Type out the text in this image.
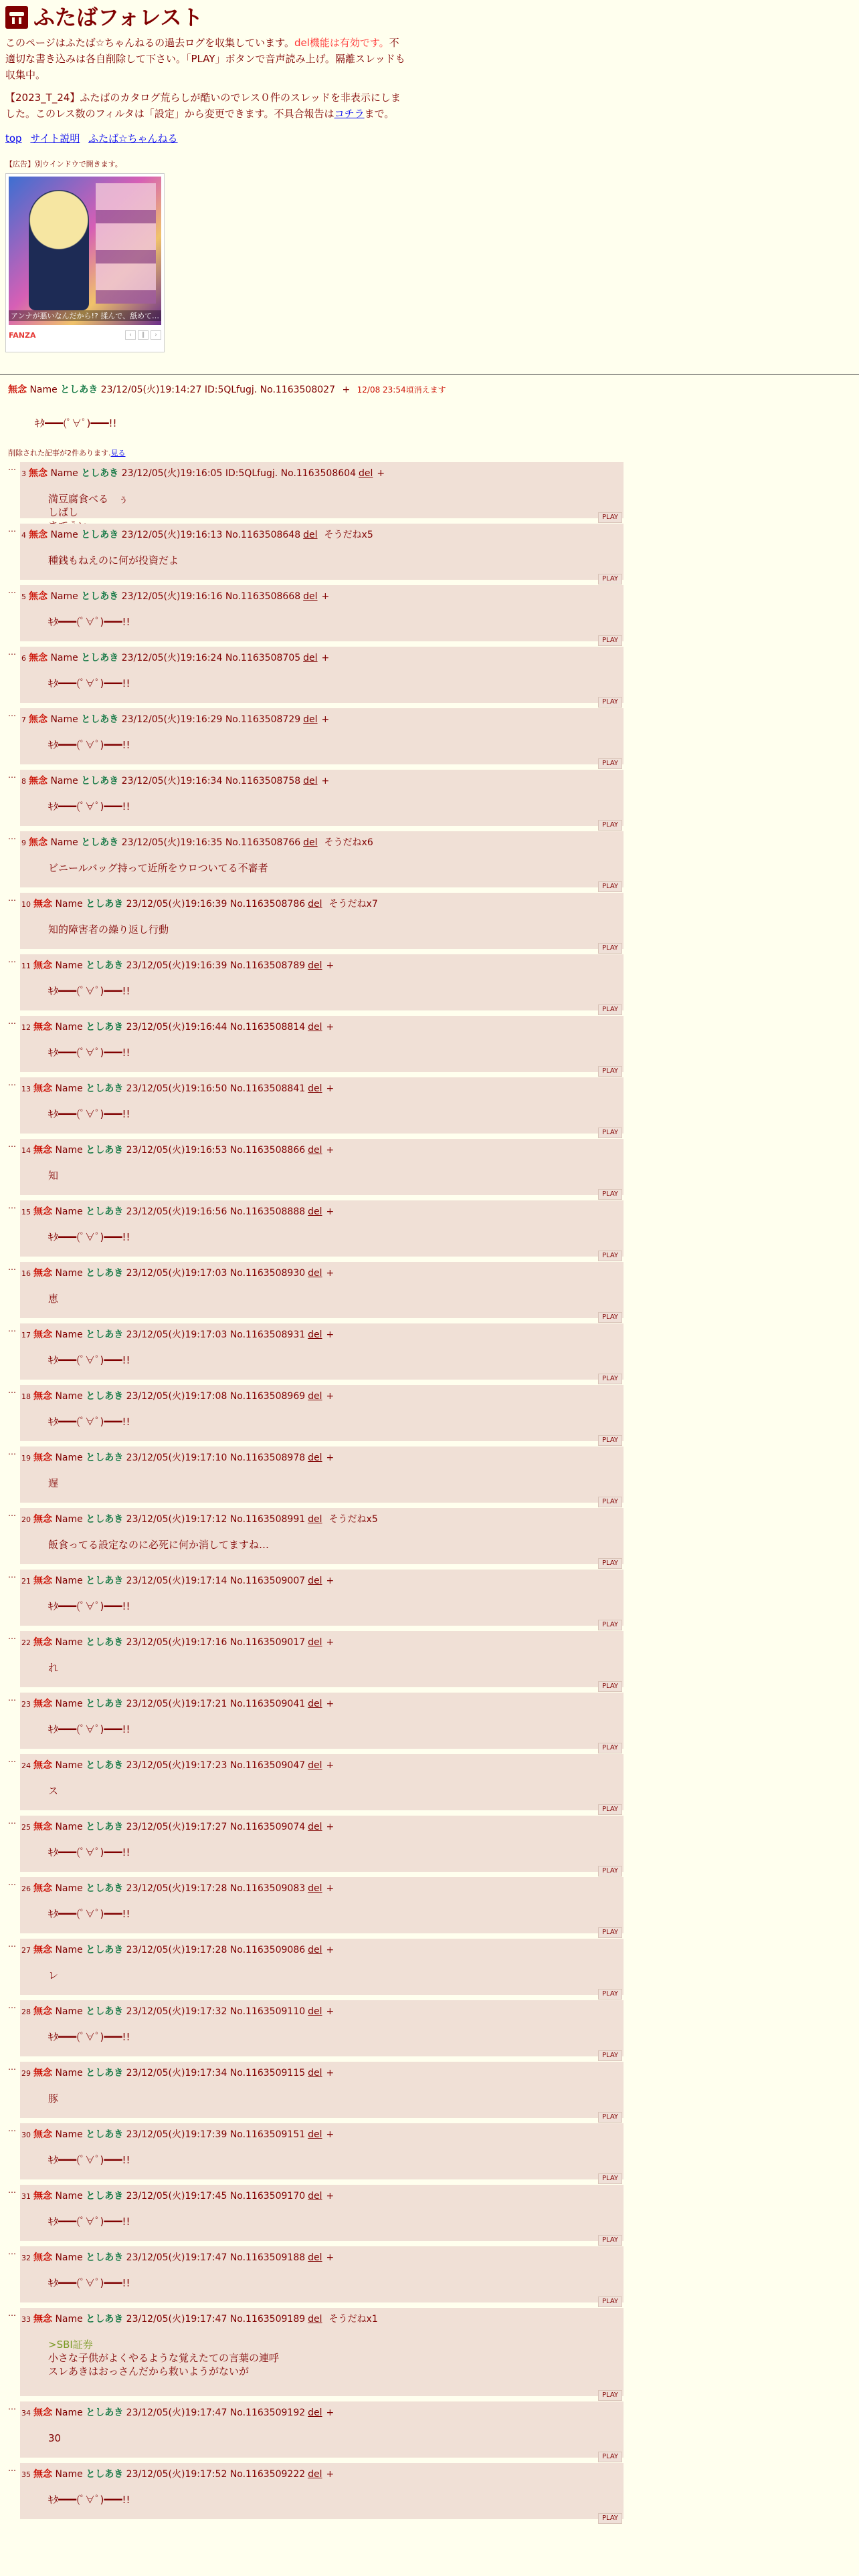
ふたばフォレスト

このページはふたば☆ちゃんねるの過去ログを収集しています。del機能は有効です。不適切な書き込みは各自削除して下さい。「PLAY」ボタンで音声読み上げ。隔離スレッドも収集中。

【2023_T_24】ふたばのカタログ荒らしが酷いのでレス０件のスレッドを非表示にしました。このレス数のフィルタは「設定」から変更できます。不具合報告はコチラまで。

top サイト説明 ふたば☆ちゃんねる
【広告】別ウインドウで開きます。
アンナが悪いなんだから!? 揉んで、舐めて…
FANZA	‹	‖	›
無念 Name としあき 23/12/05(火)19:14:27 ID:5QLfugj. No.1163508027 + 12/08 23:54頃消えます
ｷﾀ━━━(ﾟ∀ﾟ)━━━!!
削除された記事が2件あります.見る
…
3 無念 Name としあき 23/12/05(火)19:16:05 ID:5QLfugj. No.1163508604 del +
満豆腐食べる　ぅ
しばし	PLAY
…
4 無念 Name としあき 23/12/05(火)19:16:13 No.1163508648 del そうだねx5
種銭もねえのに何が投資だよ
PLAY
…
5 無念 Name としあき 23/12/05(火)19:16:16 No.1163508668 del +
ｷﾀ━━━(ﾟ∀ﾟ)━━━!!
PLAY
…
6 無念 Name としあき 23/12/05(火)19:16:24 No.1163508705 del +
ｷﾀ━━━(ﾟ∀ﾟ)━━━!!
PLAY
…
7 無念 Name としあき 23/12/05(火)19:16:29 No.1163508729 del +
ｷﾀ━━━(ﾟ∀ﾟ)━━━!!
PLAY
…
8 無念 Name としあき 23/12/05(火)19:16:34 No.1163508758 del +
ｷﾀ━━━(ﾟ∀ﾟ)━━━!!
PLAY
…
9 無念 Name としあき 23/12/05(火)19:16:35 No.1163508766 del そうだねx6
ビニールバッグ持って近所をウロついてる不審者
PLAY
…
10 無念 Name としあき 23/12/05(火)19:16:39 No.1163508786 del そうだねx7
知的障害者の繰り返し行動
PLAY
…
11 無念 Name としあき 23/12/05(火)19:16:39 No.1163508789 del +
ｷﾀ━━━(ﾟ∀ﾟ)━━━!!
PLAY
…
12 無念 Name としあき 23/12/05(火)19:16:44 No.1163508814 del +
ｷﾀ━━━(ﾟ∀ﾟ)━━━!!
PLAY
…
13 無念 Name としあき 23/12/05(火)19:16:50 No.1163508841 del +
ｷﾀ━━━(ﾟ∀ﾟ)━━━!!
PLAY
…
14 無念 Name としあき 23/12/05(火)19:16:53 No.1163508866 del +
知
PLAY
…
15 無念 Name としあき 23/12/05(火)19:16:56 No.1163508888 del +
ｷﾀ━━━(ﾟ∀ﾟ)━━━!!
PLAY
…
16 無念 Name としあき 23/12/05(火)19:17:03 No.1163508930 del +
恵
PLAY
…
17 無念 Name としあき 23/12/05(火)19:17:03 No.1163508931 del +
ｷﾀ━━━(ﾟ∀ﾟ)━━━!!
PLAY
…
18 無念 Name としあき 23/12/05(火)19:17:08 No.1163508969 del +
ｷﾀ━━━(ﾟ∀ﾟ)━━━!!
PLAY
…
19 無念 Name としあき 23/12/05(火)19:17:10 No.1163508978 del +
遅
PLAY
…
20 無念 Name としあき 23/12/05(火)19:17:12 No.1163508991 del そうだねx5
飯食ってる設定なのに必死に何か消してますね…
PLAY
…
21 無念 Name としあき 23/12/05(火)19:17:14 No.1163509007 del +
ｷﾀ━━━(ﾟ∀ﾟ)━━━!!
PLAY
…
22 無念 Name としあき 23/12/05(火)19:17:16 No.1163509017 del +
れ
PLAY
…
23 無念 Name としあき 23/12/05(火)19:17:21 No.1163509041 del +
ｷﾀ━━━(ﾟ∀ﾟ)━━━!!
PLAY
…
24 無念 Name としあき 23/12/05(火)19:17:23 No.1163509047 del +
ス
PLAY
…
25 無念 Name としあき 23/12/05(火)19:17:27 No.1163509074 del +
ｷﾀ━━━(ﾟ∀ﾟ)━━━!!
PLAY
…
26 無念 Name としあき 23/12/05(火)19:17:28 No.1163509083 del +
ｷﾀ━━━(ﾟ∀ﾟ)━━━!!
PLAY
…
27 無念 Name としあき 23/12/05(火)19:17:28 No.1163509086 del +
レ
PLAY
…
28 無念 Name としあき 23/12/05(火)19:17:32 No.1163509110 del +
ｷﾀ━━━(ﾟ∀ﾟ)━━━!!
PLAY
…
29 無念 Name としあき 23/12/05(火)19:17:34 No.1163509115 del +
豚
PLAY
…
30 無念 Name としあき 23/12/05(火)19:17:39 No.1163509151 del +
ｷﾀ━━━(ﾟ∀ﾟ)━━━!!
PLAY
…
31 無念 Name としあき 23/12/05(火)19:17:45 No.1163509170 del +
ｷﾀ━━━(ﾟ∀ﾟ)━━━!!
PLAY
…
32 無念 Name としあき 23/12/05(火)19:17:47 No.1163509188 del +
ｷﾀ━━━(ﾟ∀ﾟ)━━━!!
PLAY
…
33 無念 Name としあき 23/12/05(火)19:17:47 No.1163509189 del そうだねx1
>SBI証券
小さな子供がよくやるような覚えたての言葉の連呼
スレあきはおっさんだから救いようがないが
PLAY
…
34 無念 Name としあき 23/12/05(火)19:17:47 No.1163509192 del +
30
PLAY
…
35 無念 Name としあき 23/12/05(火)19:17:52 No.1163509222 del +
ｷﾀ━━━(ﾟ∀ﾟ)━━━!!
PLAY
